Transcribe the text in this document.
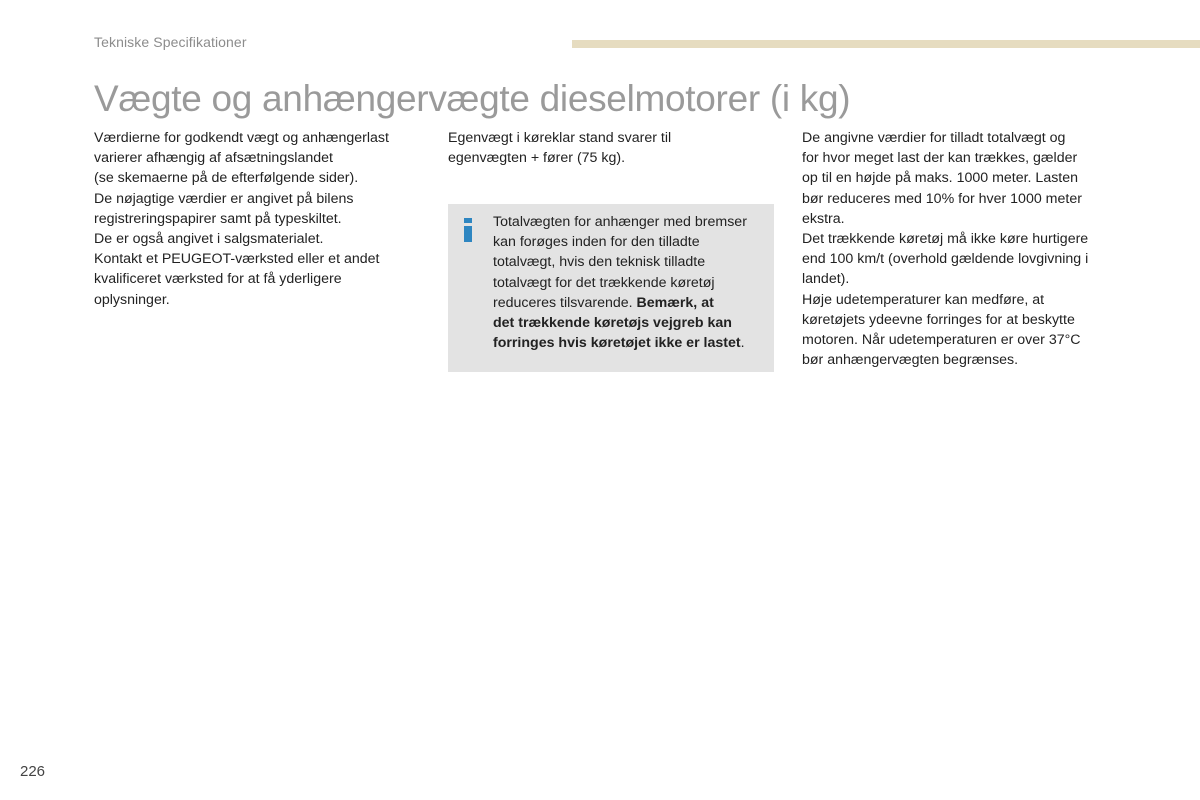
Tekniske Specifikationer
Vægte og anhængervægte dieselmotorer (i kg)

Værdierne for godkendt vægt og anhængerlast

varierer afhængig af afsætningslandet

(se skemaerne på de efterfølgende sider).

De nøjagtige værdier er angivet på bilens

registreringspapirer samt på typeskiltet.

De er også angivet i salgsmaterialet.

Kontakt et PEUGEOT-værksted eller et andet

kvalificeret værksted for at få yderligere

oplysninger.

Egenvægt i køreklar stand svarer til

egenvægten + fører (75 kg).

Totalvægten for anhænger med bremser
kan forøges inden for den tilladte
totalvægt, hvis den teknisk tilladte
totalvægt for det trækkende køretøj
reduceres tilsvarende. Bemærk, at
det trækkende køretøjs vejgreb kan
forringes hvis køretøjet ikke er lastet.

De angivne værdier for tilladt totalvægt og

for hvor meget last der kan trækkes, gælder

op til en højde på maks. 1000 meter. Lasten

bør reduceres med 10% for hver 1000 meter

ekstra.

Det trækkende køretøj må ikke køre hurtigere

end 100 km/t (overhold gældende lovgivning i

landet).

Høje udetemperaturer kan medføre, at

køretøjets ydeevne forringes for at beskytte

motoren. Når udetemperaturen er over 37°C

bør anhængervægten begrænses.

226
